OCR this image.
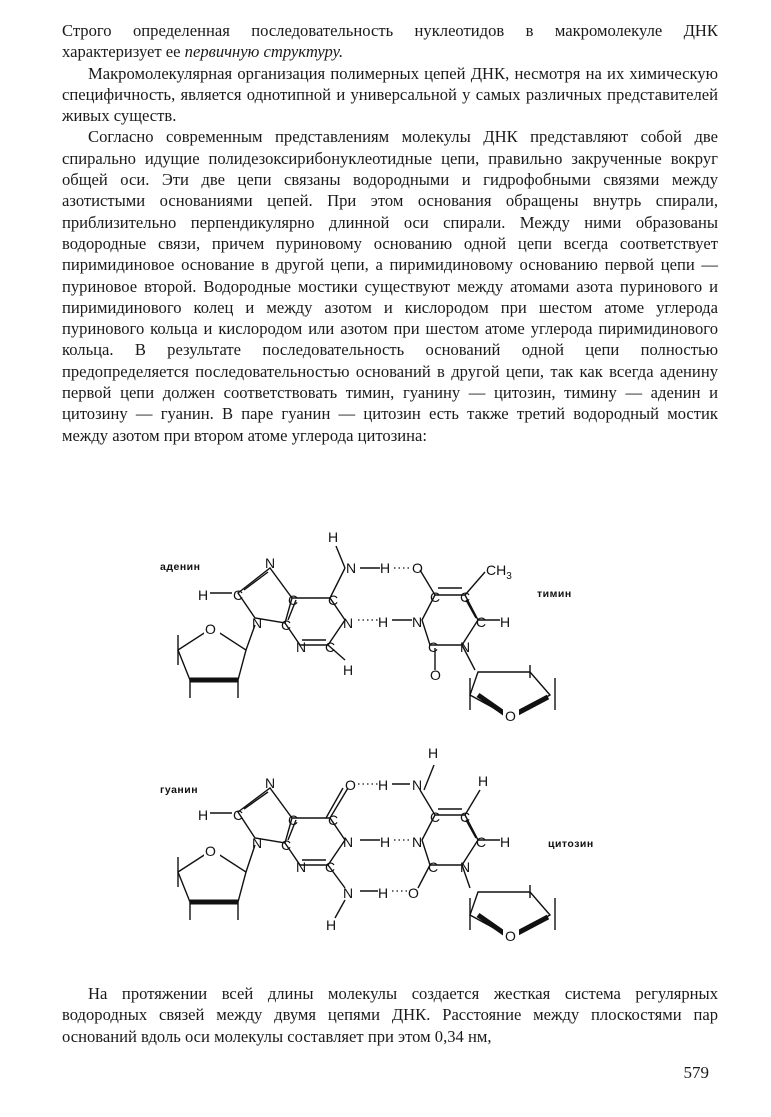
Строго определенная последовательность нуклеотидов в макромолекуле ДНК характеризует ее первичную структуру.

Макромолекулярная организация полимерных цепей ДНК, несмотря на их химическую специфичность, является однотипной и универсальной у самых различных представителей живых существ.

Согласно современным представлениям молекулы ДНК представляют собой две спирально идущие полидезоксирибонуклеотидные цепи, правильно закрученные вокруг общей оси. Эти две цепи связаны водородными и гидрофобными связями между азотистыми основаниями цепей. При этом основания обращены внутрь спирали, приблизительно перпендикулярно длинной оси спирали. Между ними образованы водородные связи, причем пуриновому основанию одной цепи всегда соответствует пиримидиновое основание в другой цепи, а пиримидиновому основанию первой цепи — пуриновое второй. Водородные мостики существуют между атомами азота пуринового и пиримидинового колец и между азотом и кислородом при шестом атоме углерода пуринового кольца и кислородом или азотом при шестом атоме углерода пиримидинового кольца. В результате последовательность оснований одной цепи полностью предопределяется последовательностью оснований в другой цепи, так как всегда аденину первой цепи должен соответствовать тимин, гуанину — цитозин, тимину — аденин и цитозину — гуанин. В паре гуанин — цитозин есть также третий водородный мостик между азотом при втором атоме углерода цитозина:

аденин
тимин
C
H
N
N
C
C
C
N
N C
H
H
N H O
H N
C C
C H
C N
O
$CH_3$
O
O
гуанин
цитозин
C
H
N
N
C
C
C
N
N C
O H
H
N H O
H
N
H
H
N
C C
C H
C N
O
O

На протяжении всей длины молекулы создается жесткая система регулярных водородных связей между двумя цепями ДНК. Расстояние между плоскостями пар оснований вдоль оси молекулы составляет при этом 0,34 нм,

579
